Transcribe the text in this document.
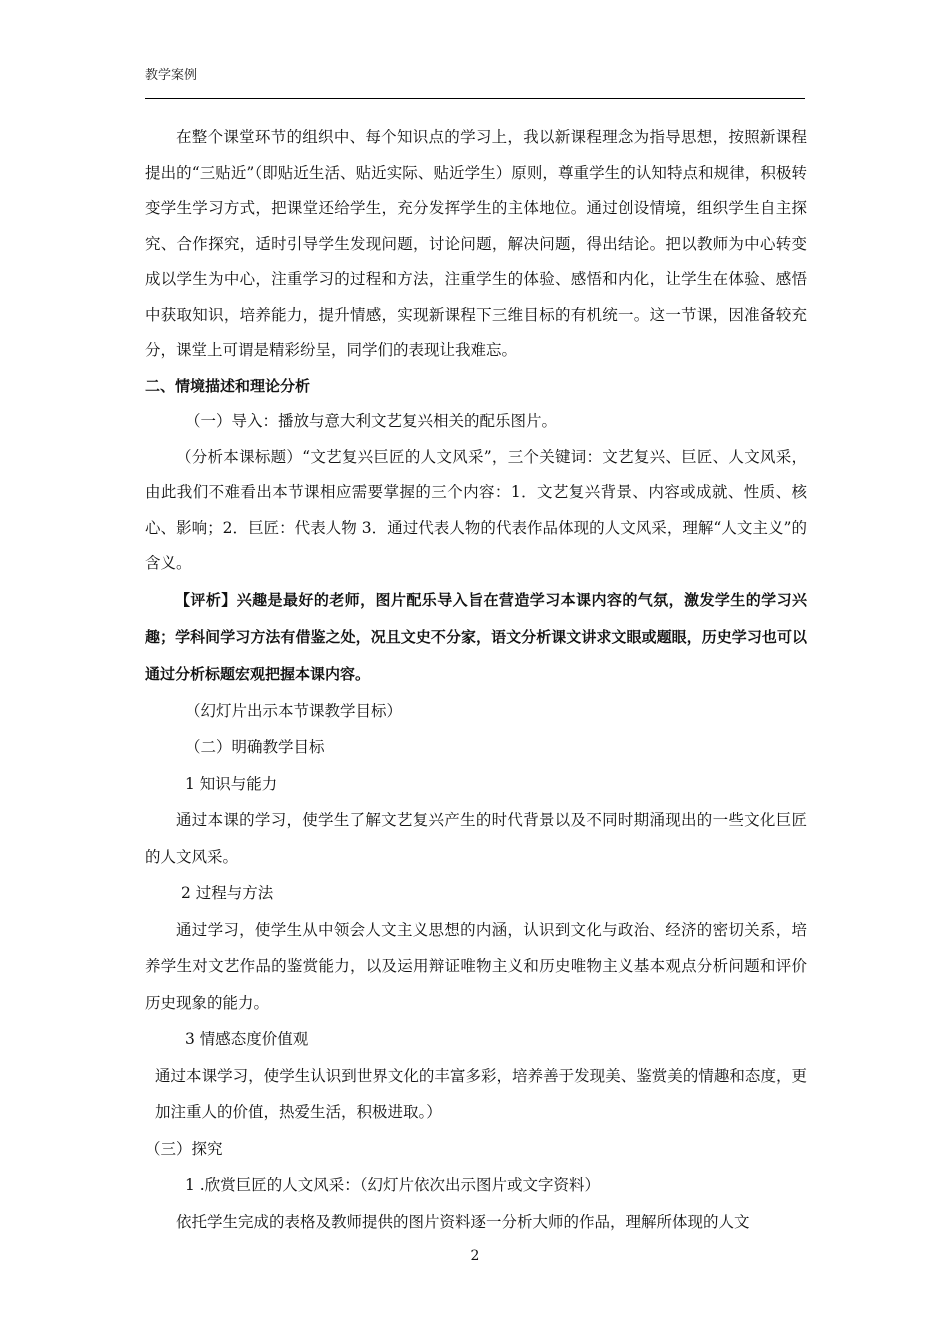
教学案例

在整个课堂环节的组织中、每个知识点的学习上，我以新课程理念为指导思想，按照新课程提出的“三贴近”（即贴近生活、贴近实际、贴近学生）原则，尊重学生的认知特点和规律，积极转变学生学习方式，把课堂还给学生，充分发挥学生的主体地位。通过创设情境，组织学生自主探究、合作探究，适时引导学生发现问题，讨论问题，解决问题，得出结论。把以教师为中心转变成以学生为中心，注重学习的过程和方法，注重学生的体验、感悟和内化，让学生在体验、感悟中获取知识，培养能力，提升情感，实现新课程下三维目标的有机统一。这一节课，因准备较充分，课堂上可谓是精彩纷呈，同学们的表现让我难忘。

二、情境描述和理论分析

（一）导入：播放与意大利文艺复兴相关的配乐图片。

（分析本课标题）“文艺复兴巨匠的人文风采”，三个关键词：文艺复兴、巨匠、人文风采，由此我们不难看出本节课相应需要掌握的三个内容：1．文艺复兴背景、内容或成就、性质、核心、影响；2．巨匠：代表人物 3．通过代表人物的代表作品体现的人文风采，理解“人文主义”的含义。

【评析】兴趣是最好的老师，图片配乐导入旨在营造学习本课内容的气氛，激发学生的学习兴趣；学科间学习方法有借鉴之处，况且文史不分家，语文分析课文讲求文眼或题眼，历史学习也可以通过分析标题宏观把握本课内容。

（幻灯片出示本节课教学目标）

（二）明确教学目标

1 知识与能力

通过本课的学习，使学生了解文艺复兴产生的时代背景以及不同时期涌现出的一些文化巨匠的人文风采。

2 过程与方法

通过学习，使学生从中领会人文主义思想的内涵，认识到文化与政治、经济的密切关系，培养学生对文艺作品的鉴赏能力，以及运用辩证唯物主义和历史唯物主义基本观点分析问题和评价历史现象的能力。

3 情感态度价值观

通过本课学习，使学生认识到世界文化的丰富多彩，培养善于发现美、鉴赏美的情趣和态度，更加注重人的价值，热爱生活，积极进取。）

（三）探究

1 .欣赏巨匠的人文风采：（幻灯片依次出示图片或文字资料）

依托学生完成的表格及教师提供的图片资料逐一分析大师的作品，理解所体现的人文

2
